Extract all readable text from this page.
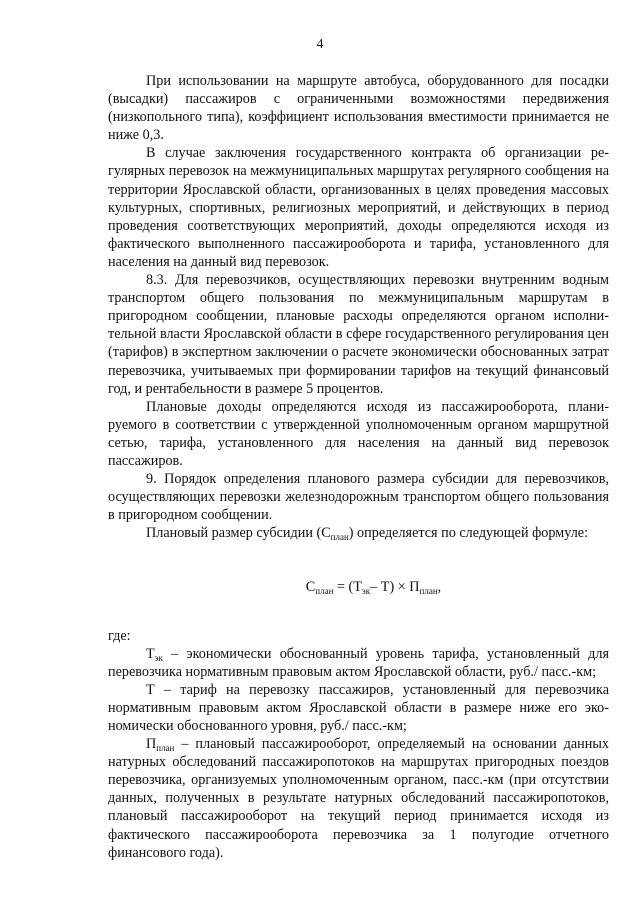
4

При использовании на маршруте автобуса, оборудованного для посадки (высадки) пассажиров с ограниченными возможностями передвижения (низкопольного типа), коэффициент использования вместимости принимается не ниже 0,3.

В случае заключения государственного контракта об организации регулярных перевозок на межмуниципальных маршрутах регулярного сообщения на территории Ярославской области, организованных в целях проведения массовых культурных, спортивных, религиозных мероприятий, и действующих в период проведения соответствующих мероприятий, доходы определяются исходя из фактического выполненного пассажирооборота и тарифа, установленного для населения на данный вид перевозок.

8.3. Для перевозчиков, осуществляющих перевозки внутренним водным транспортом общего пользования по межмуниципальным маршрутам в пригородном сообщении, плановые расходы определяются органом исполнительной власти Ярославской области в сфере государственного регулирования цен (тарифов) в экспертном заключении о расчете экономически обоснованных затрат перевозчика, учитываемых при формировании тарифов на текущий финансовый год, и рентабельности в размере 5 процентов.

Плановые доходы определяются исходя из пассажирооборота, планируемого в соответствии с утвержденной уполномоченным органом маршрутной сетью, тарифа, установленного для населения на данный вид перевозок пассажиров.

9. Порядок определения планового размера субсидии для перевозчиков, осуществляющих перевозки железнодорожным транспортом общего пользования в пригородном сообщении.

Плановый размер субсидии $(С_{план})$ определяется по следующей формуле:

$С_{план} = (Т_{эк}-$ $Т) \times П_{план}$,

где:

$Т_{эк}$ – экономически обоснованный уровень тарифа, установленный для перевозчика нормативным правовым актом Ярославской области, руб./ пасс.-км;

Т – тариф на перевозку пассажиров, установленный для перевозчика нормативным правовым актом Ярославской области в размере ниже его экономически обоснованного уровня, руб./ пасс.-км;

$П_{план}$ – плановый пассажирооборот, определяемый на основании данных натурных обследований пассажиропотоков на маршрутах пригородных поездов перевозчика, организуемых уполномоченным органом, пасс.-км (при отсутствии данных, полученных в результате натурных обследований пассажиропотоков, плановый пассажирооборот на текущий период принимается исходя из фактического пассажирооборота перевозчика за 1 полугодие отчетного финансового года).
